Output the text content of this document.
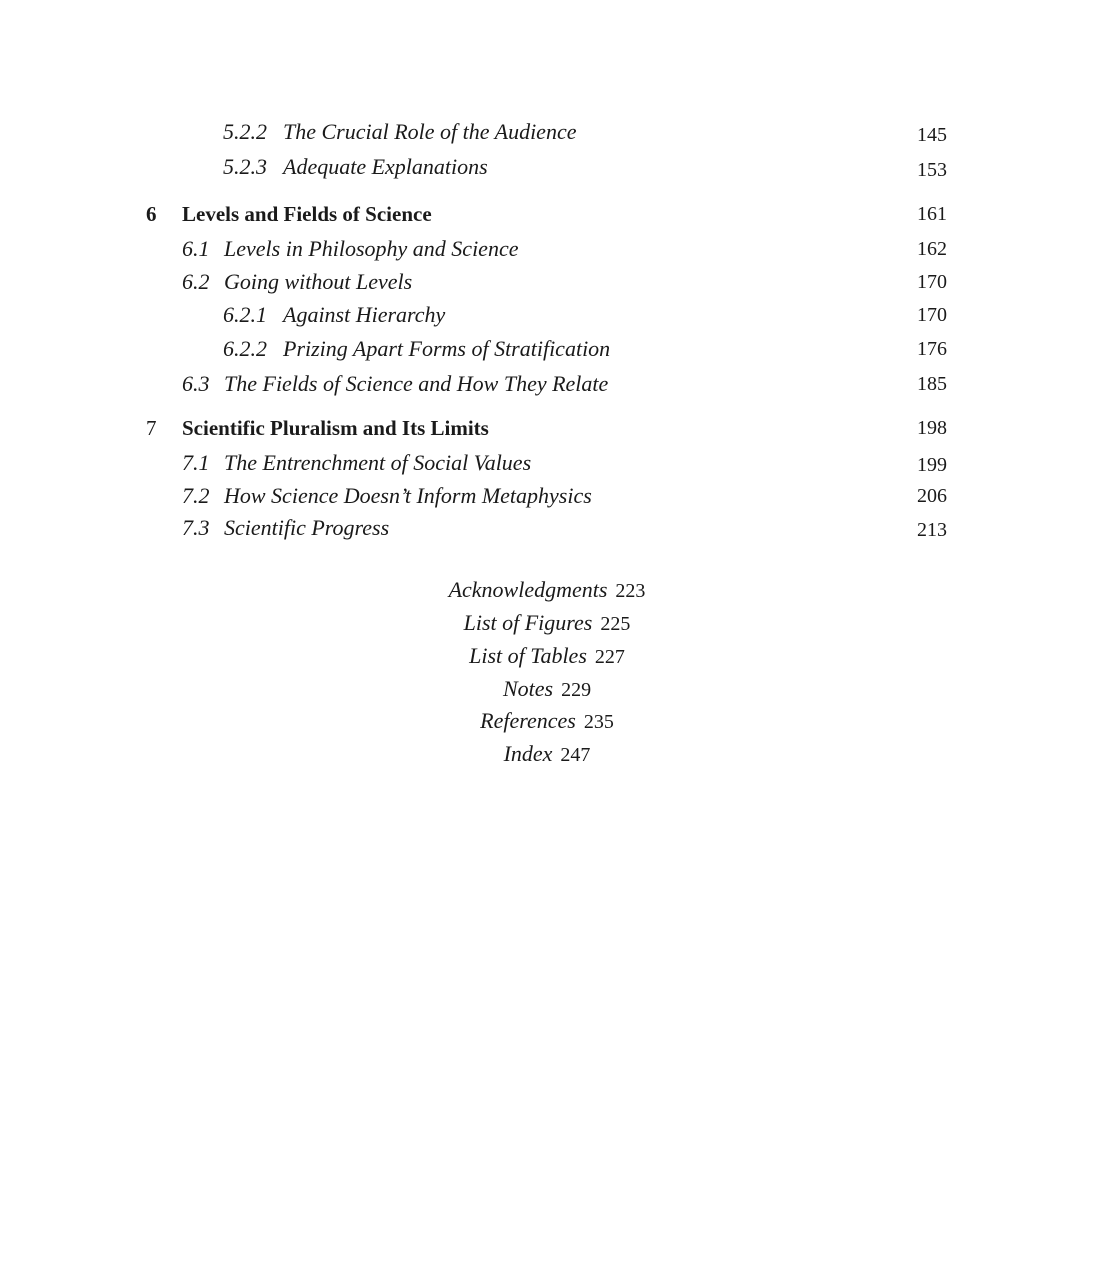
5.2.2 The Crucial Role of the Audience	145
5.2.3 Adequate Explanations	153
6 Levels and Fields of Science	161
6.1 Levels in Philosophy and Science	162
6.2 Going without Levels	170
6.2.1 Against Hierarchy	170
6.2.2 Prizing Apart Forms of Stratification	176
6.3 The Fields of Science and How They Relate	185
7 Scientific Pluralism and Its Limits	198
7.1 The Entrenchment of Social Values	199
7.2 How Science Doesn’t Inform Metaphysics	206
7.3 Scientific Progress	213
Acknowledgments 223
List of Figures 225
List of Tables 227
Notes 229
References 235
Index 247
